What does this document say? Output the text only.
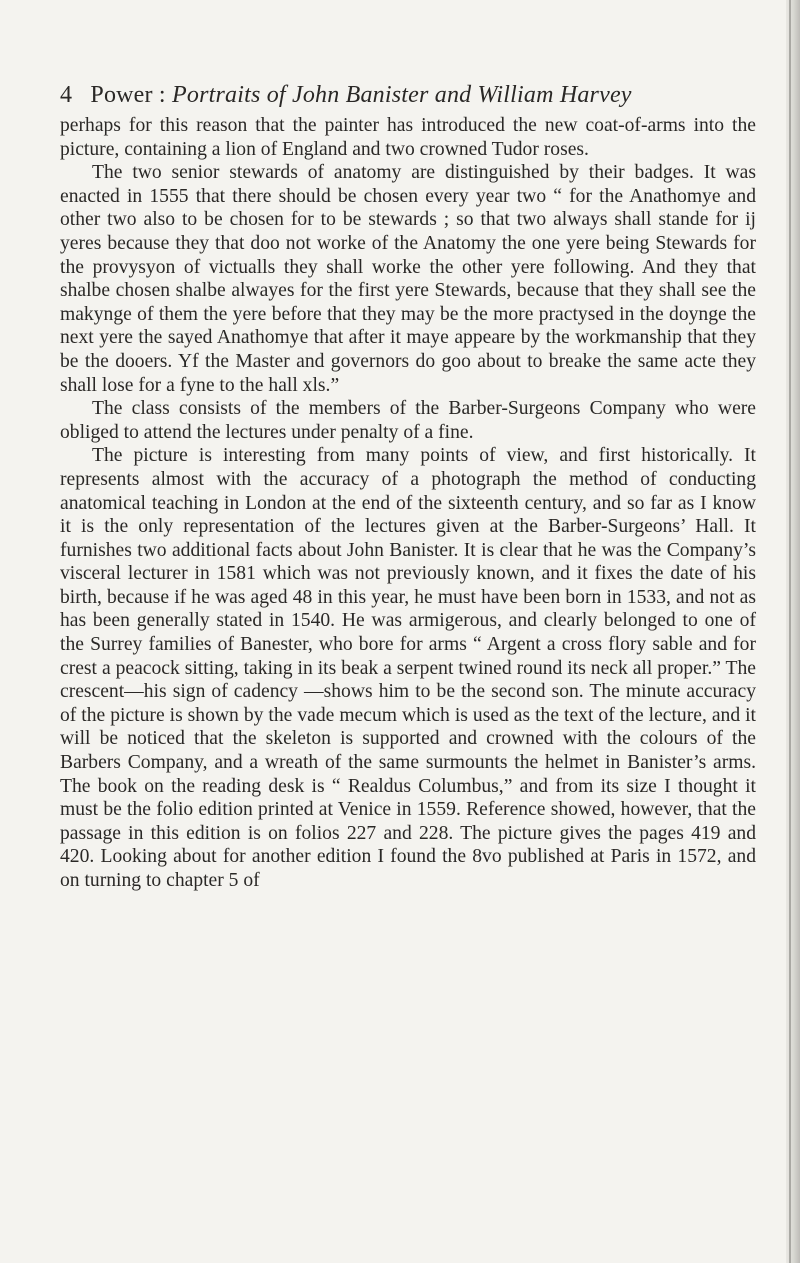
4 Power : Portraits of John Banister and William Harvey

perhaps for this reason that the painter has introduced the new coat-of-arms into the picture, containing a lion of England and two crowned Tudor roses.

The two senior stewards of anatomy are distinguished by their badges. It was enacted in 1555 that there should be chosen every year two “ for the Anathomye and other two also to be chosen for to be stewards ; so that two always shall stande for ij yeres because they that doo not worke of the Anatomy the one yere being Stewards for the provysyon of victualls they shall worke the other yere following. And they that shalbe chosen shalbe alwayes for the first yere Stewards, because that they shall see the makynge of them the yere before that they may be the more practysed in the doynge the next yere the sayed Anathomye that after it maye appeare by the workmanship that they be the dooers. Yf the Master and governors do goo about to breake the same acte they shall lose for a fyne to the hall xls.”

The class consists of the members of the Barber-Surgeons Company who were obliged to attend the lectures under penalty of a fine.

The picture is interesting from many points of view, and first historically. It represents almost with the accuracy of a photograph the method of conducting anatomical teaching in London at the end of the sixteenth century, and so far as I know it is the only representation of the lectures given at the Barber-Surgeons’ Hall. It furnishes two additional facts about John Banister. It is clear that he was the Company’s visceral lecturer in 1581 which was not previously known, and it fixes the date of his birth, because if he was aged 48 in this year, he must have been born in 1533, and not as has been generally stated in 1540. He was armigerous, and clearly belonged to one of the Surrey families of Banester, who bore for arms “ Argent a cross flory sable and for crest a peacock sitting, taking in its beak a serpent twined round its neck all proper.” The crescent—his sign of cadency —shows him to be the second son. The minute accuracy of the picture is shown by the vade mecum which is used as the text of the lecture, and it will be noticed that the skeleton is supported and crowned with the colours of the Barbers Company, and a wreath of the same surmounts the helmet in Banister’s arms. The book on the reading desk is “ Realdus Columbus,” and from its size I thought it must be the folio edition printed at Venice in 1559. Reference showed, however, that the passage in this edition is on folios 227 and 228. The picture gives the pages 419 and 420. Looking about for another edition I found the 8vo published at Paris in 1572, and on turning to chapter 5 of
